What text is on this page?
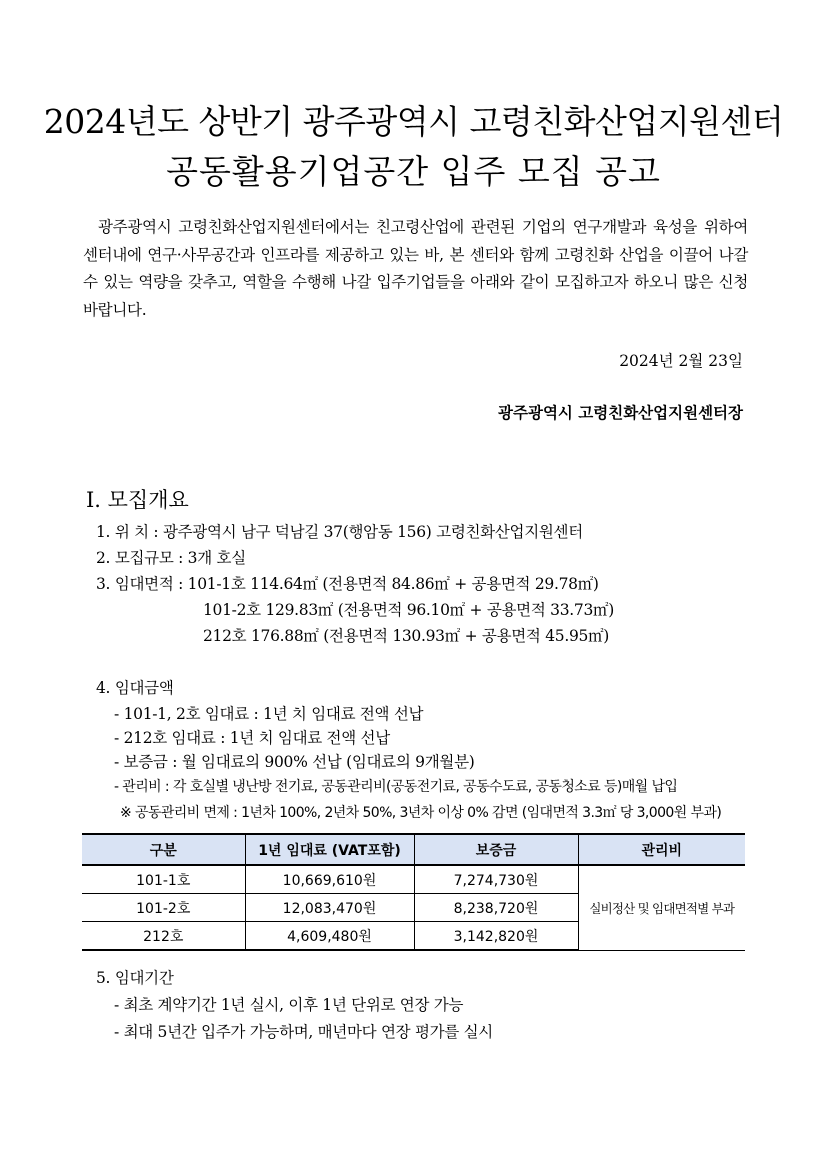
2024년도 상반기 광주광역시 고령친화산업지원센터
공동활용기업공간 입주 모집 공고
광주광역시 고령친화산업지원센터에서는 친고령산업에 관련된 기업의 연구개발과 육성을 위하여 센터내에 연구·사무공간과 인프라를 제공하고 있는 바, 본 센터와 함께 고령친화 산업을 이끌어 나갈 수 있는 역량을 갖추고, 역할을 수행해 나갈 입주기업들을 아래와 같이 모집하고자 하오니 많은 신청 바랍니다.
2024년 2월 23일
광주광역시 고령친화산업지원센터장
Ⅰ. 모집개요
1. 위 치 : 광주광역시 남구 덕남길 37(행암동 156) 고령친화산업지원센터
2. 모집규모 : 3개 호실
3. 임대면적 : 101-1호 114.64㎡ (전용면적 84.86㎡ + 공용면적 29.78㎡)
101-2호 129.83㎡ (전용면적 96.10㎡ + 공용면적 33.73㎡)
212호 176.88㎡ (전용면적 130.93㎡ + 공용면적 45.95㎡)
4. 임대금액
- 101-1, 2호 임대료 : 1년 치 임대료 전액 선납
- 212호 임대료 : 1년 치 임대료 전액 선납
- 보증금 : 월 임대료의 900% 선납 (임대료의 9개월분)
- 관리비 : 각 호실별 냉난방 전기료, 공동관리비(공동전기료, 공동수도료, 공동청소료 등)매월 납입
※ 공동관리비 면제 : 1년차 100%, 2년차 50%, 3년차 이상 0% 감면 (임대면적 3.3㎡ 당 3,000원 부과)
구분	1년 임대료 (VAT포함)	보증금	관리비
101-1호	10,669,610원	7,274,730원	실비정산 및 임대면적별 부과
101-2호	12,083,470원	8,238,720원	
212호	4,609,480원	3,142,820원	
5. 임대기간
- 최초 계약기간 1년 실시, 이후 1년 단위로 연장 가능
- 최대 5년간 입주가 가능하며, 매년마다 연장 평가를 실시
